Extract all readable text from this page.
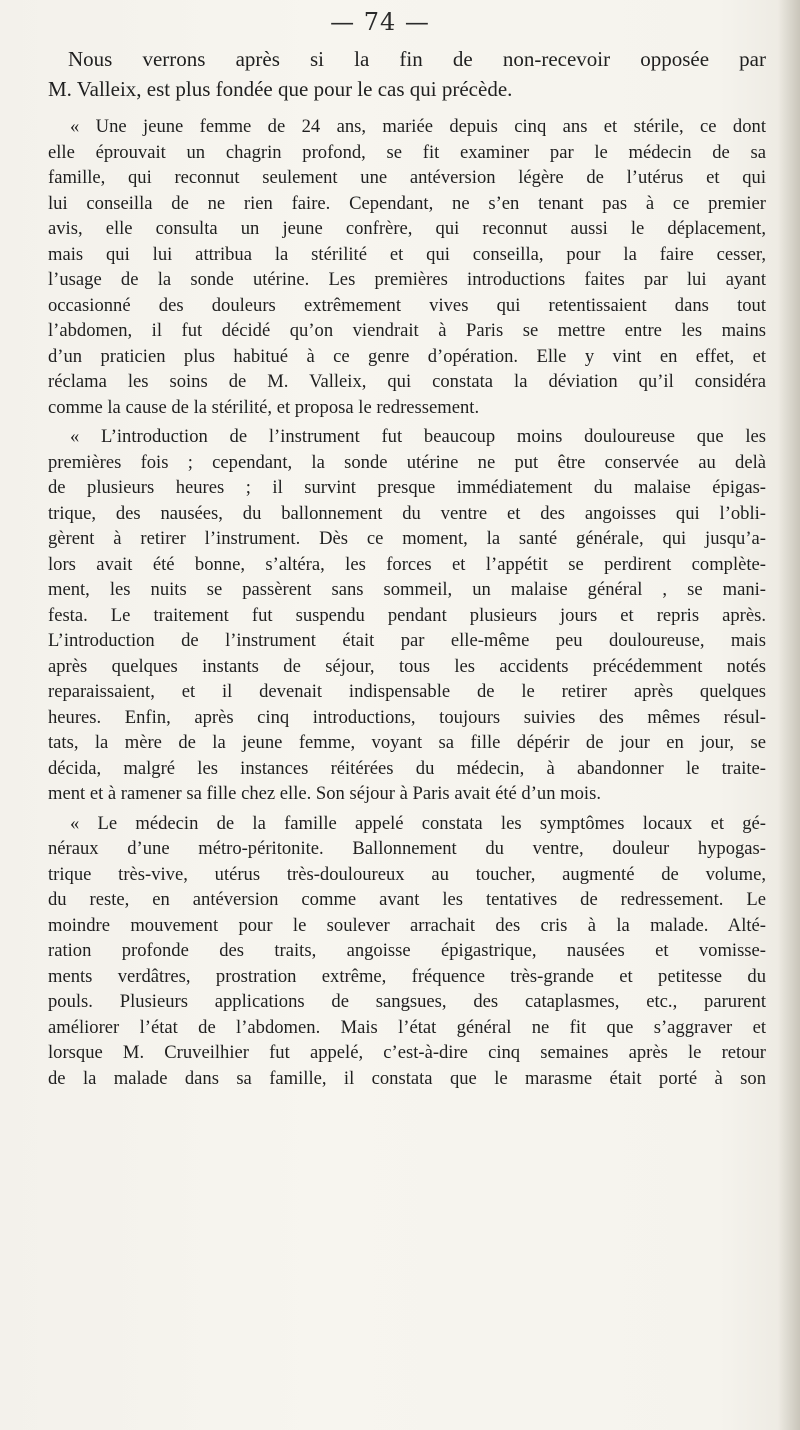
— 74 —
Nous verrons après si la fin de non-recevoir opposée par
M. Valleix, est plus fondée que pour le cas qui précède.
« Une jeune femme de 24 ans, mariée depuis cinq ans et stérile, ce dont
elle éprouvait un chagrin profond, se fit examiner par le médecin de sa
famille, qui reconnut seulement une antéversion légère de l’utérus et qui
lui conseilla de ne rien faire. Cependant, ne s’en tenant pas à ce premier
avis, elle consulta un jeune confrère, qui reconnut aussi le déplacement,
mais qui lui attribua la stérilité et qui conseilla, pour la faire cesser,
l’usage de la sonde utérine. Les premières introductions faites par lui ayant
occasionné des douleurs extrêmement vives qui retentissaient dans tout
l’abdomen, il fut décidé qu’on viendrait à Paris se mettre entre les mains
d’un praticien plus habitué à ce genre d’opération. Elle y vint en effet, et
réclama les soins de M. Valleix, qui constata la déviation qu’il considéra
comme la cause de la stérilité, et proposa le redressement.
« L’introduction de l’instrument fut beaucoup moins douloureuse que les
premières fois ; cependant, la sonde utérine ne put être conservée au delà
de plusieurs heures ; il survint presque immédiatement du malaise épigas-
trique, des nausées, du ballonnement du ventre et des angoisses qui l’obli-
gèrent à retirer l’instrument. Dès ce moment, la santé générale, qui jusqu’a-
lors avait été bonne, s’altéra, les forces et l’appétit se perdirent complète-
ment, les nuits se passèrent sans sommeil, un malaise général , se mani-
festa. Le traitement fut suspendu pendant plusieurs jours et repris après.
L’introduction de l’instrument était par elle-même peu douloureuse, mais
après quelques instants de séjour, tous les accidents précédemment notés
reparaissaient, et il devenait indispensable de le retirer après quelques
heures. Enfin, après cinq introductions, toujours suivies des mêmes résul-
tats, la mère de la jeune femme, voyant sa fille dépérir de jour en jour, se
décida, malgré les instances réitérées du médecin, à abandonner le traite-
ment et à ramener sa fille chez elle. Son séjour à Paris avait été d’un mois.
« Le médecin de la famille appelé constata les symptômes locaux et gé-
néraux d’une métro-péritonite. Ballonnement du ventre, douleur hypogas-
trique très-vive, utérus très-douloureux au toucher, augmenté de volume,
du reste, en antéversion comme avant les tentatives de redressement. Le
moindre mouvement pour le soulever arrachait des cris à la malade. Alté-
ration profonde des traits, angoisse épigastrique, nausées et vomisse-
ments verdâtres, prostration extrême, fréquence très-grande et petitesse du
pouls. Plusieurs applications de sangsues, des cataplasmes, etc., parurent
améliorer l’état de l’abdomen. Mais l’état général ne fit que s’aggraver et
lorsque M. Cruveilhier fut appelé, c’est-à-dire cinq semaines après le retour
de la malade dans sa famille, il constata que le marasme était porté à son
